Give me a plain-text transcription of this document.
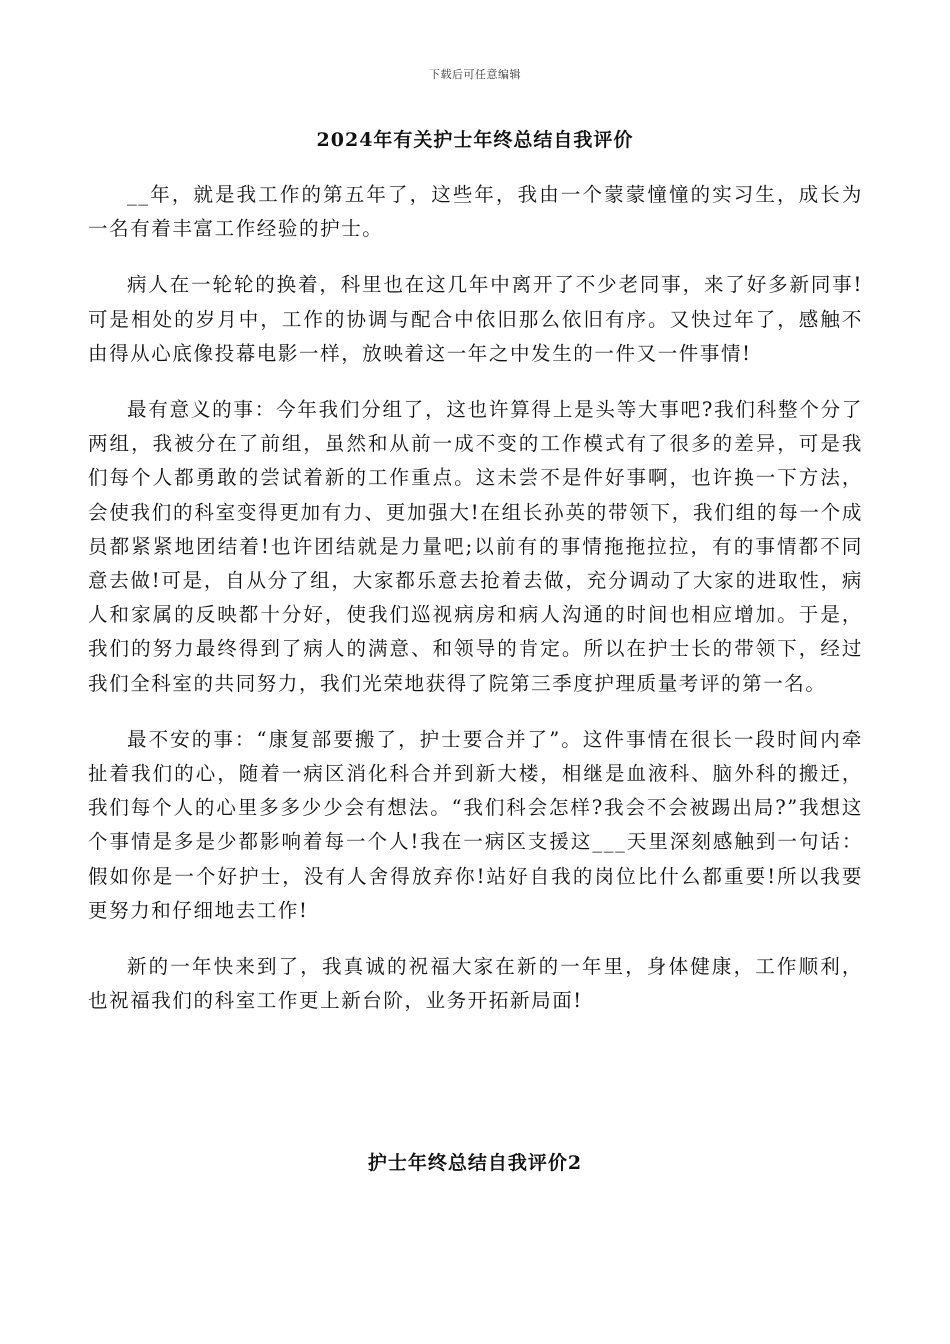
下载后可任意编辑
2024年有关护士年终总结自我评价

__年，就是我工作的第五年了，这些年，我由一个蒙蒙憧憧的实习生，成长为一名有着丰富工作经验的护士。

病人在一轮轮的换着，科里也在这几年中离开了不少老同事，来了好多新同事!可是相处的岁月中，工作的协调与配合中依旧那么依旧有序。又快过年了，感触不由得从心底像投幕电影一样，放映着这一年之中发生的一件又一件事情!

最有意义的事：今年我们分组了，这也许算得上是头等大事吧?我们科整个分了两组，我被分在了前组，虽然和从前一成不变的工作模式有了很多的差异，可是我们每个人都勇敢的尝试着新的工作重点。这未尝不是件好事啊，也许换一下方法，会使我们的科室变得更加有力、更加强大!在组长孙英的带领下，我们组的每一个成员都紧紧地团结着!也许团结就是力量吧;以前有的事情拖拖拉拉，有的事情都不同意去做!可是，自从分了组，大家都乐意去抢着去做，充分调动了大家的进取性，病人和家属的反映都十分好，使我们巡视病房和病人沟通的时间也相应增加。于是，我们的努力最终得到了病人的满意、和领导的肯定。所以在护士长的带领下，经过我们全科室的共同努力，我们光荣地获得了院第三季度护理质量考评的第一名。

最不安的事：“康复部要搬了，护士要合并了”。这件事情在很长一段时间内牵扯着我们的心，随着一病区消化科合并到新大楼，相继是血液科、脑外科的搬迁，我们每个人的心里多多少少会有想法。“我们科会怎样?我会不会被踢出局?”我想这个事情是多是少都影响着每一个人!我在一病区支援这___天里深刻感触到一句话：假如你是一个好护士，没有人舍得放弃你!站好自我的岗位比什么都重要!所以我要更努力和仔细地去工作!

新的一年快来到了，我真诚的祝福大家在新的一年里，身体健康，工作顺利，也祝福我们的科室工作更上新台阶，业务开拓新局面!

护士年终总结自我评价2
